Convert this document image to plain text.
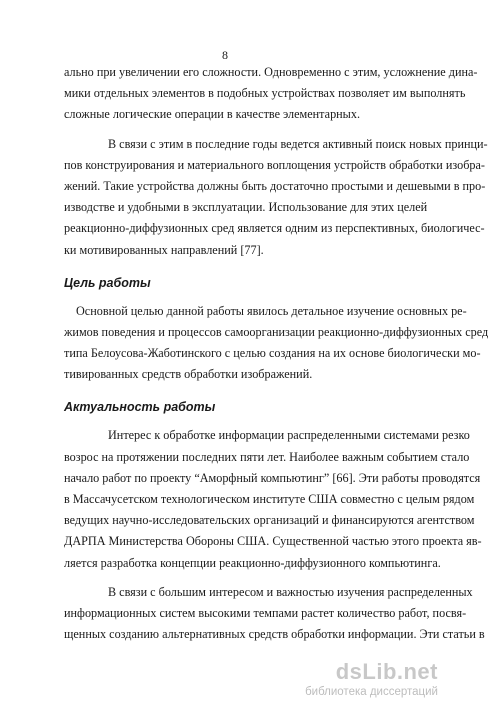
8
ально при увеличении его сложности. Одновременно с этим, усложнение дина-
мики отдельных элементов в подобных устройствах позволяет им выполнять
сложные логические операции в качестве элементарных.
В связи с этим в последние годы ведется активный поиск новых принци-
пов конструирования и материального воплощения устройств обработки изобра-
жений. Такие устройства должны быть достаточно простыми и дешевыми в про-
изводстве и удобными в эксплуатации. Использование для этих целей
реакционно-диффузионных сред является одним из перспективных, биологичес-
ки мотивированных направлений [77].
Цель работы
Основной целью данной работы явилось детальное изучение основных ре-
жимов поведения и процессов самоорганизации реакционно-диффузионных сред
типа Белоусова-Жаботинского с целью создания на их основе биологически мо-
тивированных средств обработки изображений.
Актуальность работы
Интерес к обработке информации распределенными системами резко
возрос на протяжении последних пяти лет. Наиболее важным событием стало
начало работ по проекту “Аморфный компьютинг” [66]. Эти работы проводятся
в Массачусетском технологическом институте США совместно с целым рядом
ведущих научно-исследовательских организаций и финансируются агентством
ДАРПА Министерства Обороны США. Существенной частью этого проекта яв-
ляется разработка концепции реакционно-диффузионного компьютинга.
В связи с большим интересом и важностью изучения распределенных
информационных систем высокими темпами растет количество работ, посвя-
щенных созданию альтернативных средств обработки информации. Эти статьи в
dsLib.net
библиотека диссертаций
